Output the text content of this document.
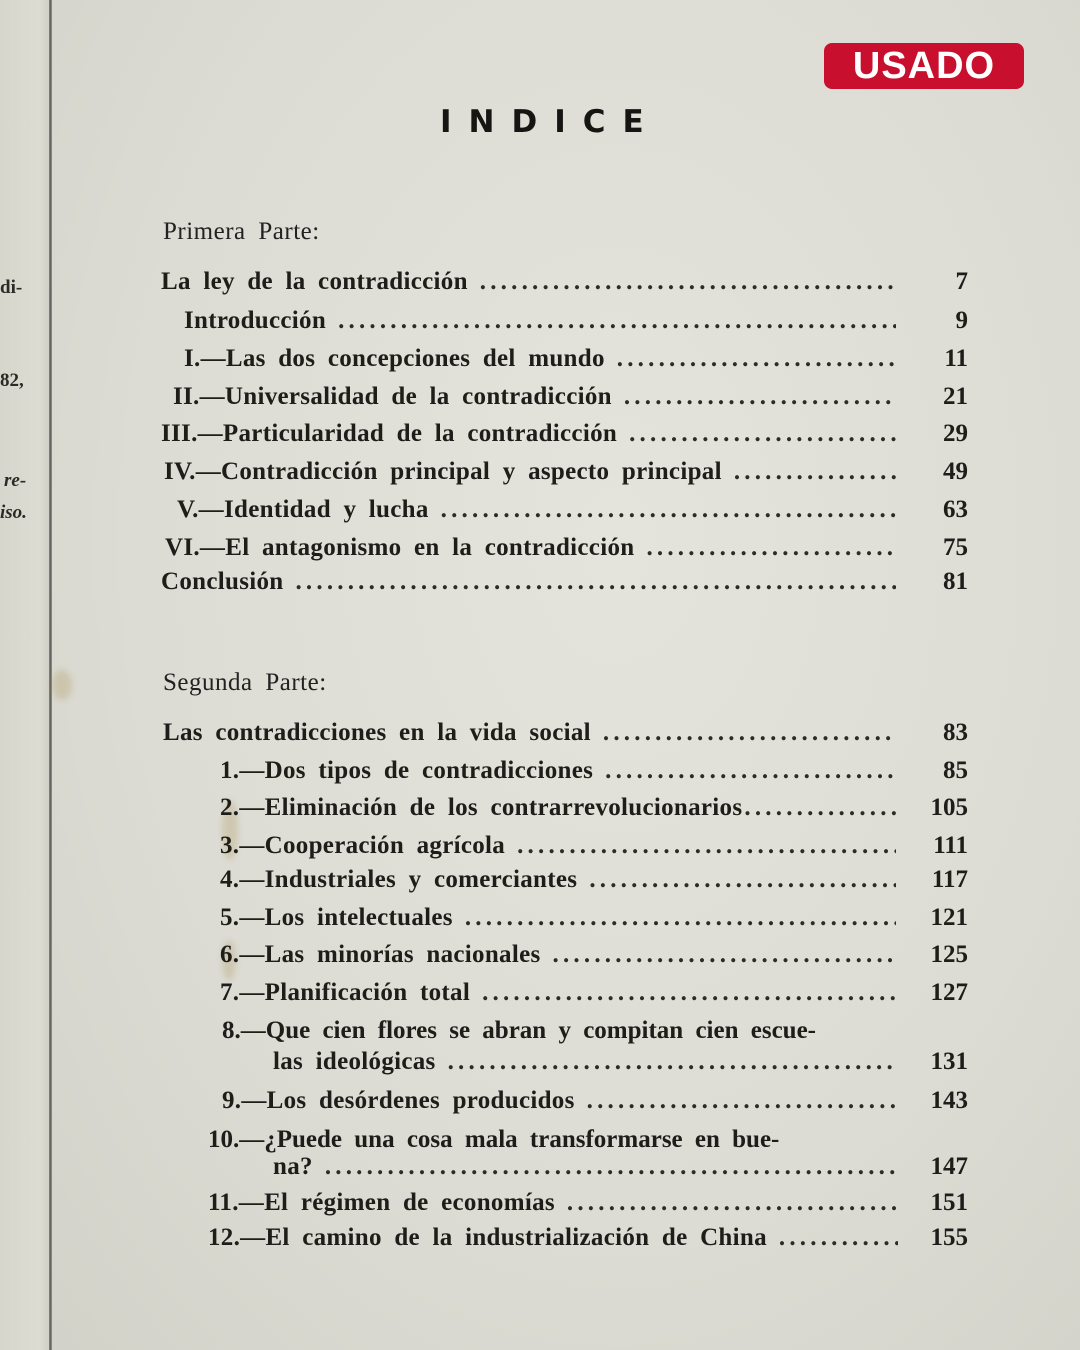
di-
82,
re-
iso.
USADO
INDICE
Primera Parte:
La ley de la contradicción .....	7
Introducción .....	9
I.—Las dos concepciones del mundo .....	11
II.—Universalidad de la contradicción .....	21
III.—Particularidad de la contradicción .....	29
IV.—Contradicción principal y aspecto principal .....	49
V.—Identidad y lucha .....	63
VI.—El antagonismo en la contradicción .....	75
Conclusión .....	81
Segunda Parte:
Las contradicciones en la vida social .....	83
1.—Dos tipos de contradicciones .....	85
2.—Eliminación de los contrarrevolucionarios .....	105
3.—Cooperación agrícola .....	111
4.—Industriales y comerciantes .....	117
5.—Los intelectuales .....	121
6.—Las minorías nacionales .....	125
7.—Planificación total .....	127
8.—Que cien flores se abran y compitan cien escue-
las ideológicas .....	131
9.—Los desórdenes producidos .....	143
10.—¿Puede una cosa mala transformarse en bue-
na? .....	147
11.—El régimen de economías .....	151
12.—El camino de la industrialización de China .....	155
